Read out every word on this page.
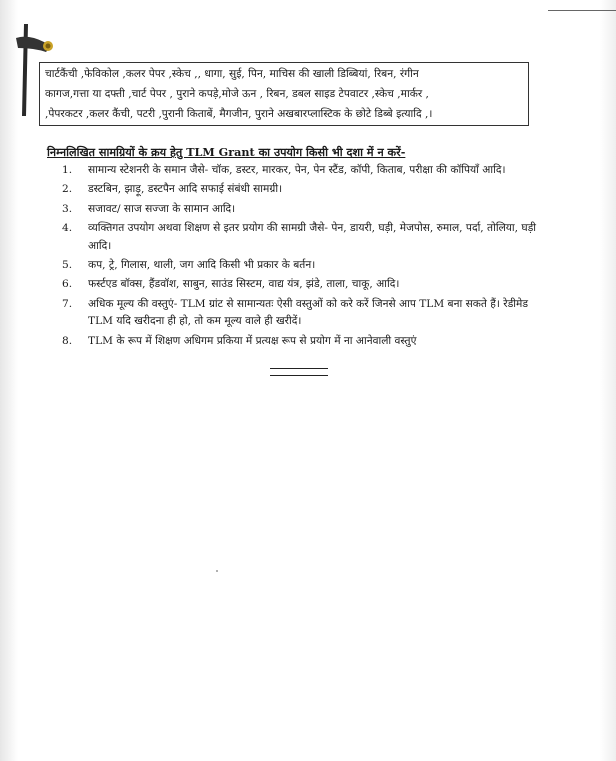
चार्टकैंची ,फेविकोल ,कलर पेपर ,स्केच ,, धागा, सुई, पिन, माचिस की खाली डिब्बियां, रिबन, रंगीन
कागज,गत्ता या दफ्ती ,चार्ट पेपर , पुराने कपड़े,मोजे ऊन , रिबन, डबल साइड टेपवाटर ,स्केच ,मार्कर ,
,पेपरकटर ,कलर कैंची, पटरी ,पुरानी किताबें, मैगजीन, पुराने अखबारप्लास्टिक के छोटे डिब्बे इत्यादि ,।
निम्नलिखित सामग्रियों के क्रय हेतु TLM Grant का उपयोग किसी भी दशा में न करें-
1.	सामान्य स्टेशनरी के समान जैसे- चॉक, डस्टर, मारकर, पेन, पेन स्टैंड, कॉपी, किताब, परीक्षा की कॉपियाँ आदि।
2.	डस्टबिन, झाड़ू, डस्टपैन आदि सफाई संबंधी सामग्री।
3.	सजावट/ साज सज्जा के सामान आदि।
4.	व्यक्तिगत उपयोग अथवा शिक्षण से इतर प्रयोग की सामग्री जैसे- पेन, डायरी, घड़ी, मेजपोस, रुमाल, पर्दा, तोलिया, घड़ी आदि।
5.	कप, ट्रे, गिलास, थाली, जग आदि किसी भी प्रकार के बर्तन।
6.	फर्स्टएड बॉक्स, हैंडवॉश, साबुन, साउंड सिस्टम, वाद्य यंत्र, झंडे, ताला, चाकू, आदि।
7.	अधिक मूल्य की वस्तुएं- TLM ग्रांट से सामान्यतः ऐसी वस्तुओं को करे करें जिनसे आप TLM बना सकते हैं। रेडीमेड TLM यदि खरीदना ही हो, तो कम मूल्य वाले ही खरीदें।
8.	TLM के रूप में शिक्षण अधिगम प्रकिया में प्रत्यक्ष रूप से प्रयोग में ना आनेवाली वस्तुएं
